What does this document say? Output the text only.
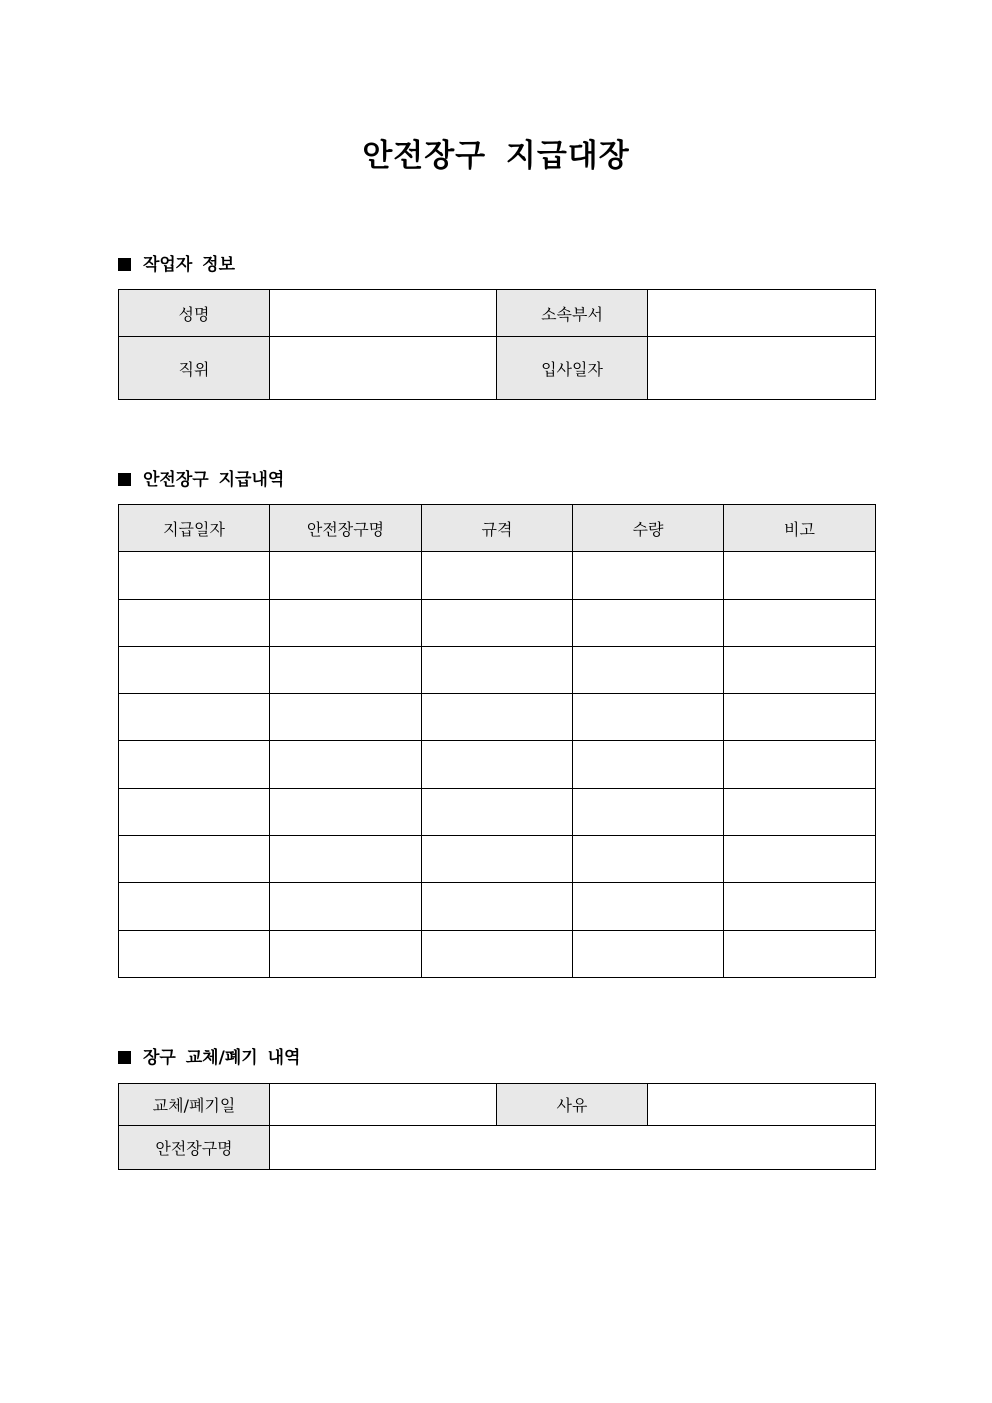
안전장구 지급대장
작업자 정보
성명		소속부서	
직위		입사일자	
안전장구 지급내역
지급일자	안전장구명	규격	수량	비고

장구 교체/폐기 내역
교체/폐기일		사유	
안전장구명			
